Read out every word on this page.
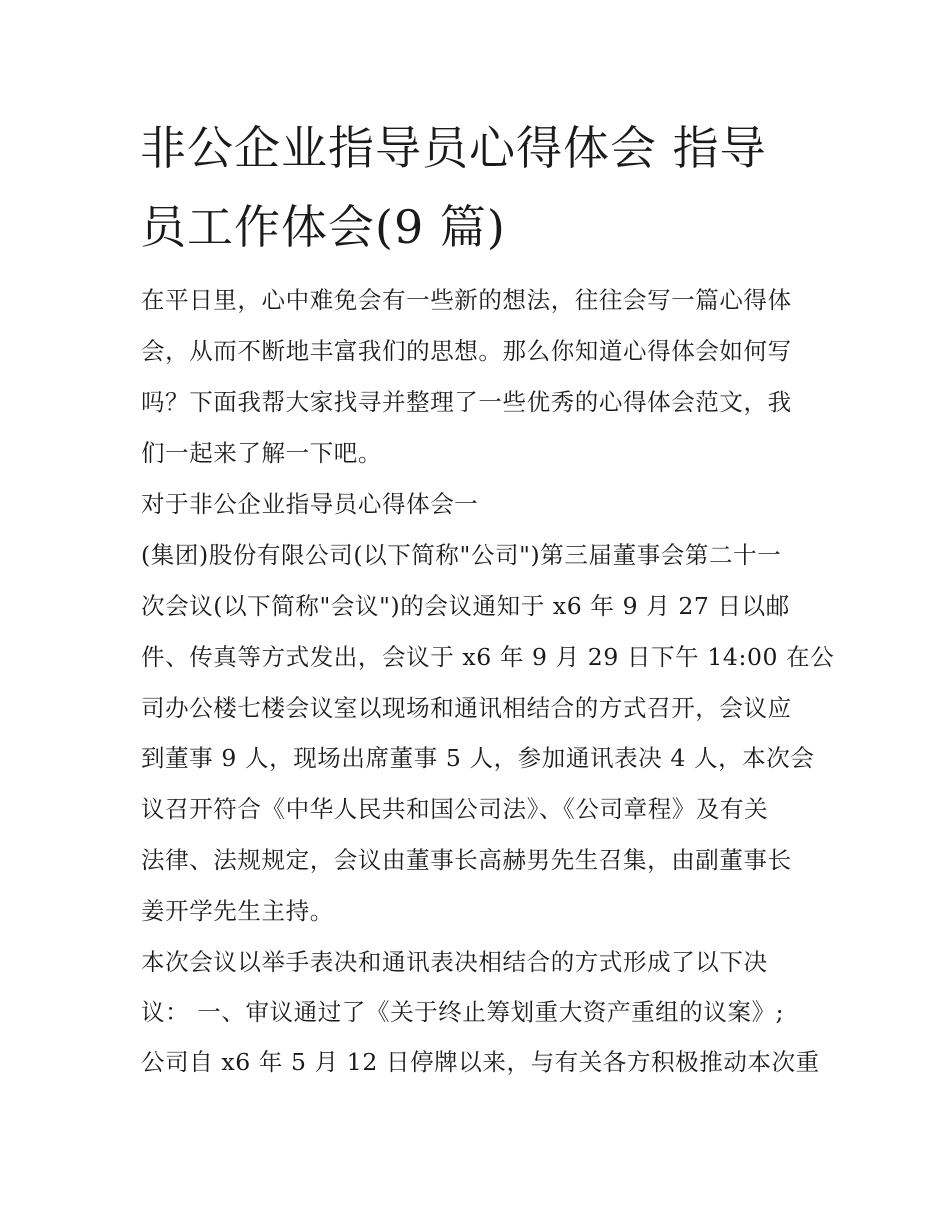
非公企业指导员心得体会 指导
员工作体会(9 篇)
在平日里，心中难免会有一些新的想法，往往会写一篇心得体
会，从而不断地丰富我们的思想。那么你知道心得体会如何写
吗？下面我帮大家找寻并整理了一些优秀的心得体会范文，我
们一起来了解一下吧。
对于非公企业指导员心得体会一
(集团)股份有限公司(以下简称"公司")第三届董事会第二十一
次会议(以下简称"会议")的会议通知于 x6 年 9 月 27 日以邮
件、传真等方式发出，会议于 x6 年 9 月 29 日下午 14:00 在公
司办公楼七楼会议室以现场和通讯相结合的方式召开，会议应
到董事 9 人，现场出席董事 5 人，参加通讯表决 4 人，本次会
议召开符合《中华人民共和国公司法》、《公司章程》及有关
法律、法规规定，会议由董事长高赫男先生召集，由副董事长
姜开学先生主持。
本次会议以举手表决和通讯表决相结合的方式形成了以下决
议： 一、审议通过了《关于终止筹划重大资产重组的议案》;
公司自 x6 年 5 月 12 日停牌以来，与有关各方积极推动本次重
